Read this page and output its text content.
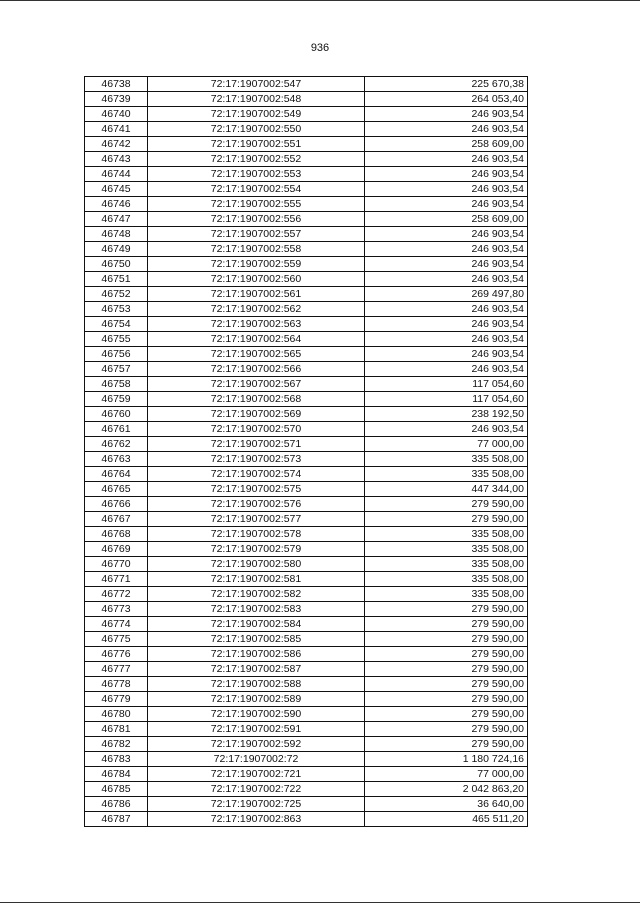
936
46738	72:17:1907002:547	225 670,38
46739	72:17:1907002:548	264 053,40
46740	72:17:1907002:549	246 903,54
46741	72:17:1907002:550	246 903,54
46742	72:17:1907002:551	258 609,00
46743	72:17:1907002:552	246 903,54
46744	72:17:1907002:553	246 903,54
46745	72:17:1907002:554	246 903,54
46746	72:17:1907002:555	246 903,54
46747	72:17:1907002:556	258 609,00
46748	72:17:1907002:557	246 903,54
46749	72:17:1907002:558	246 903,54
46750	72:17:1907002:559	246 903,54
46751	72:17:1907002:560	246 903,54
46752	72:17:1907002:561	269 497,80
46753	72:17:1907002:562	246 903,54
46754	72:17:1907002:563	246 903,54
46755	72:17:1907002:564	246 903,54
46756	72:17:1907002:565	246 903,54
46757	72:17:1907002:566	246 903,54
46758	72:17:1907002:567	117 054,60
46759	72:17:1907002:568	117 054,60
46760	72:17:1907002:569	238 192,50
46761	72:17:1907002:570	246 903,54
46762	72:17:1907002:571	77 000,00
46763	72:17:1907002:573	335 508,00
46764	72:17:1907002:574	335 508,00
46765	72:17:1907002:575	447 344,00
46766	72:17:1907002:576	279 590,00
46767	72:17:1907002:577	279 590,00
46768	72:17:1907002:578	335 508,00
46769	72:17:1907002:579	335 508,00
46770	72:17:1907002:580	335 508,00
46771	72:17:1907002:581	335 508,00
46772	72:17:1907002:582	335 508,00
46773	72:17:1907002:583	279 590,00
46774	72:17:1907002:584	279 590,00
46775	72:17:1907002:585	279 590,00
46776	72:17:1907002:586	279 590,00
46777	72:17:1907002:587	279 590,00
46778	72:17:1907002:588	279 590,00
46779	72:17:1907002:589	279 590,00
46780	72:17:1907002:590	279 590,00
46781	72:17:1907002:591	279 590,00
46782	72:17:1907002:592	279 590,00
46783	72:17:1907002:72	1 180 724,16
46784	72:17:1907002:721	77 000,00
46785	72:17:1907002:722	2 042 863,20
46786	72:17:1907002:725	36 640,00
46787	72:17:1907002:863	465 511,20
